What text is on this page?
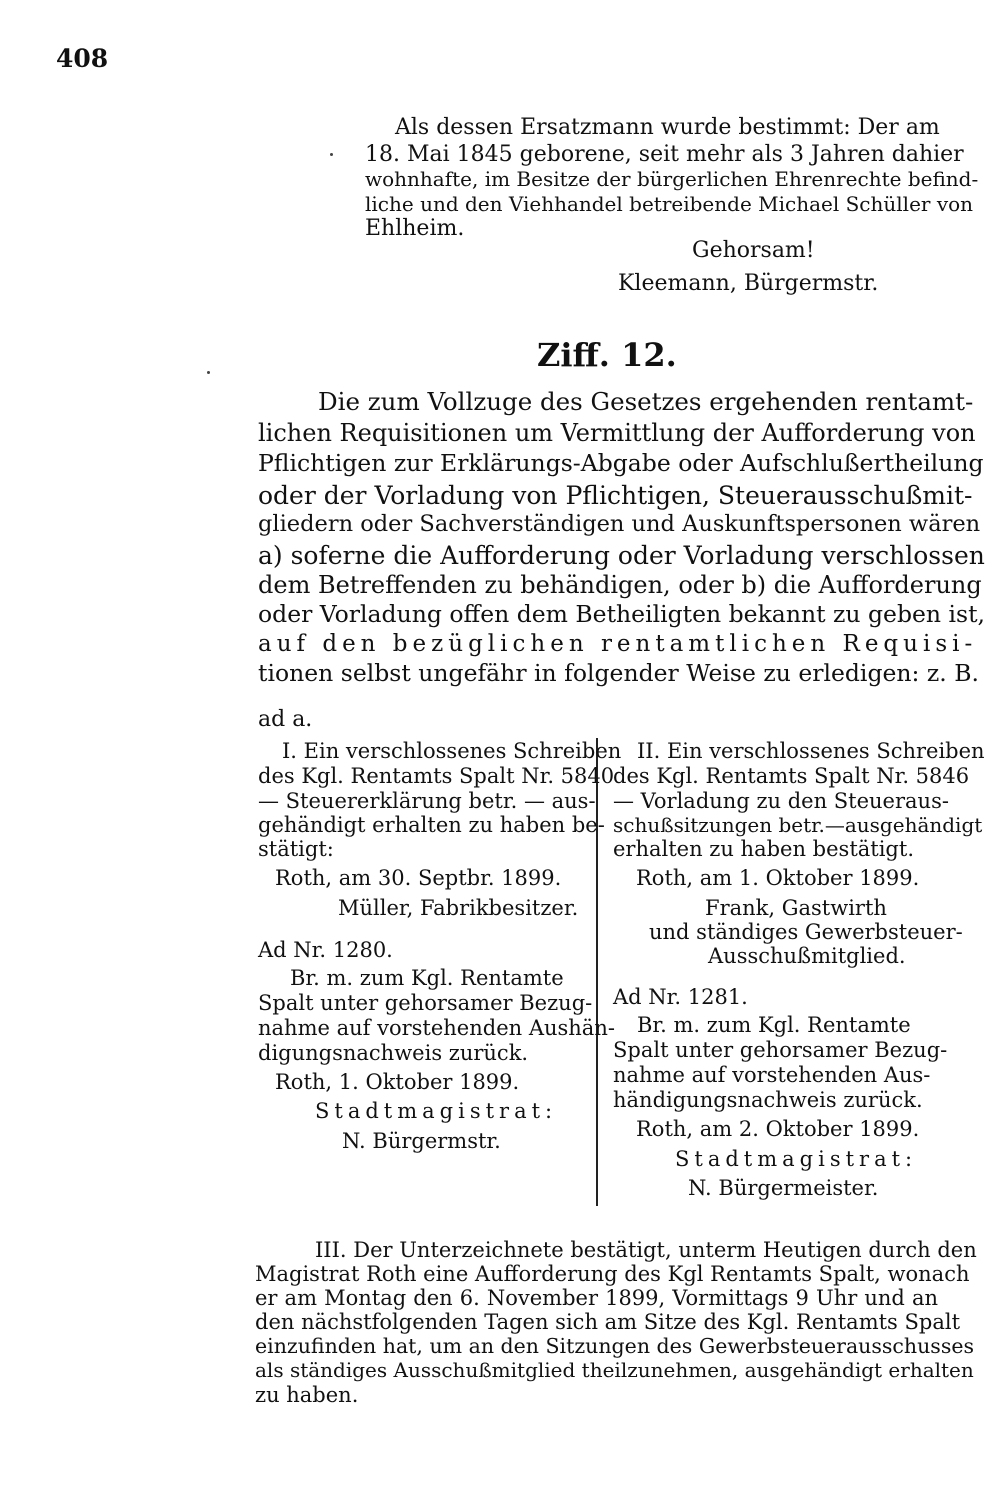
408
Als dessen Ersatzmann wurde bestimmt: Der am
18. Mai 1845 geborene, seit mehr als 3 Jahren dahier
wohnhafte, im Besitze der bürgerlichen Ehrenrechte befind-
liche und den Viehhandel betreibende Michael Schüller von
Ehlheim.
Gehorsam!
Kleemann, Bürgermstr.
Ziff. 12.
Die zum Vollzuge des Gesetzes ergehenden rentamt-
lichen Requisitionen um Vermittlung der Aufforderung von
Pflichtigen zur Erklärungs-Abgabe oder Aufschlußertheilung
oder der Vorladung von Pflichtigen, Steuerausschußmit-
gliedern oder Sachverständigen und Auskunftspersonen wären
a) soferne die Aufforderung oder Vorladung verschlossen
dem Betreffenden zu behändigen, oder b) die Aufforderung
oder Vorladung offen dem Betheiligten bekannt zu geben ist,
auf den bezüglichen rentamtlichen Requisi-
tionen selbst ungefähr in folgender Weise zu erledigen: z. B.
ad a.
I. Ein verschlossenes Schreiben
des Kgl. Rentamts Spalt Nr. 5840
— Steuererklärung betr. — aus-
gehändigt erhalten zu haben be-
stätigt:
Roth, am 30. Septbr. 1899.
Müller, Fabrikbesitzer.
Ad Nr. 1280.
Br. m. zum Kgl. Rentamte
Spalt unter gehorsamer Bezug-
nahme auf vorstehenden Aushän-
digungsnachweis zurück.
Roth, 1. Oktober 1899.
Stadtmagistrat:
N. Bürgermstr.
II. Ein verschlossenes Schreiben
des Kgl. Rentamts Spalt Nr. 5846
— Vorladung zu den Steueraus-
schußsitzungen betr.—ausgehändigt
erhalten zu haben bestätigt.
Roth, am 1. Oktober 1899.
Frank, Gastwirth
und ständiges Gewerbsteuer-
Ausschußmitglied.
Ad Nr. 1281.
Br. m. zum Kgl. Rentamte
Spalt unter gehorsamer Bezug-
nahme auf vorstehenden Aus-
händigungsnachweis zurück.
Roth, am 2. Oktober 1899.
Stadtmagistrat:
N. Bürgermeister.
III. Der Unterzeichnete bestätigt, unterm Heutigen durch den
Magistrat Roth eine Aufforderung des Kgl Rentamts Spalt, wonach
er am Montag den 6. November 1899, Vormittags 9 Uhr und an
den nächstfolgenden Tagen sich am Sitze des Kgl. Rentamts Spalt
einzufinden hat, um an den Sitzungen des Gewerbsteuerausschusses
als ständiges Ausschußmitglied theilzunehmen, ausgehändigt erhalten
zu haben.
